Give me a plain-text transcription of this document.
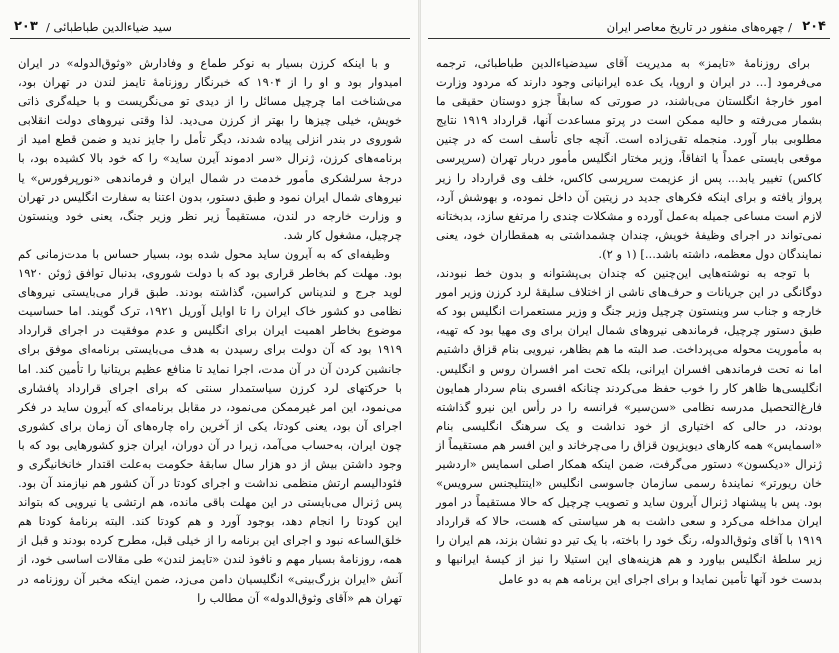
سید ضیاءالدین طباطبائی /
۲۰۳

و با اینکه کرزن بسیار به نوکر طماع و وفادارش «وثوق‌الدوله» در ایران امیدوار بود و او را از ۱۹۰۴ که خبرنگار روزنامهٔ تایمز لندن در تهران بود، می‌شناخت اما چرچیل مسائل را از دیدی تو می‌نگریست و با حیله‌گری ذاتی خویش، خیلی چیزها را بهتر از کرزن می‌دید. لذا وقتی نیروهای دولت انقلابی شوروی در بندر انزلی پیاده شدند، دیگر تأمل را جایز ندید و ضمن قطع امید از برنامه‌های کرزن، ژنرال «سر ادموند آیرن ساید» را که خود بالا کشیده بود، با درجهٔ سرلشکری مأمور خدمت در شمال ایران و فرماندهی «نورپرفورس» یا نیروهای شمال ایران نمود و طبق دستور، بدون اعتنا به سفارت انگلیس در تهران و وزارت خارجه در لندن، مستقیماً زیر نظر وزیر جنگ، یعنی خود وینستون چرچیل، مشغول کار شد.

وظیفه‌ای که به آیرون ساید محول شده بود، بسیار حساس با مدت‌زمانی کم بود. مهلت کم بخاطر قراری بود که با دولت شوروی، بدنبال توافق ژوئن ۱۹۲۰ لوید جرج و لندیناس کراسین، گذاشته بودند. طبق قرار می‌بایستی نیروهای نظامی دو کشور خاک ایران را تا اوایل آوریل ۱۹۲۱، ترک گویند. اما حساسیت موضوع بخاطر اهمیت ایران برای انگلیس و عدم موفقیت در اجرای قرارداد ۱۹۱۹ بود که آن دولت برای رسیدن به هدف می‌بایستی برنامه‌ای موفق برای جانشین کردن آن در آن مدت، اجرا نماید تا منافع عظیم بریتانیا را تأمین کند. اما با حرکتهای لرد کرزن سیاستمدار سنتی که برای اجرای قرارداد پافشاری می‌نمود، این امر غیرممکن می‌نمود، در مقابل برنامه‌ای که آیرون ساید در فکر اجرای آن بود، یعنی کودتا، یکی از آخرین راه چاره‌های آن زمان برای کشوری چون ایران، به‌حساب می‌آمد، زیرا در آن دوران، ایران جزو کشورهایی بود که با وجود داشتن بیش از دو هزار سال سابقهٔ حکومت به‌علت اقتدار خانخانیگری و فئودالیسم ارتش منظمی نداشت و اجرای کودتا در آن کشور هم نیازمند آن بود. پس ژنرال می‌بایستی در این مهلت باقی مانده، هم ارتشی یا نیرویی که بتواند این کودتا را انجام دهد، بوجود آورد و هم کودتا کند. البته برنامهٔ کودتا هم خلق‌الساعه نبود و اجرای این برنامه را از خیلی قبل، مطرح کرده بودند و قبل از همه، روزنامهٔ بسیار مهم و نافوذ لندن «تایمز لندن» طی مقالات اساسی خود، از آنش «ایران بزرگ‌بینی» انگلیسیان دامن می‌زد، ضمن اینکه مخبر آن روزنامه در تهران هم «آقای وثوق‌الدوله» آن مطالب را

۲۰۴
/ چهره‌های منفور در تاریخ معاصر ایران

برای روزنامهٔ «تایمز» به مدیریت آقای سیدضیاءالدین طباطبائی، ترجمه می‌فرمود [... در ایران و اروپا، یک عده ایرانیانی وجود دارند که مردود وزارت امور خارجهٔ انگلستان می‌باشند، در صورتی که سابقاً جزو دوستان حقیقی ما بشمار می‌رفته و حالیه ممکن است در پرتو مساعدت آنها، قرارداد ۱۹۱۹ نتایج مطلوبی ببار آورد. منجمله تقی‌زاده است. آنچه جای تأسف است که در چنین موقعی بایستی عمداً یا اتفاقاً، وزیر مختار انگلیس مأمور دربار تهران (سرپرسی کاکس) تغییر یابد... پس از عزیمت سرپرسی کاکس، خلف وی قرارداد را زیر پرواز یافته و برای اینکه فکرهای جدید در زیتین آن داخل نموده، و بهوشش آرد، لازم است مساعی جمیله به‌عمل آورده و مشکلات چندی را مرتفع سازد، بدبختانه نمی‌تواند در اجرای وظیفهٔ خویش، چندان چشمداشتی به همقطاران خود، یعنی نمایندگان دول معظمه، داشته باشد...] (۱ و ۲).

با توجه به نوشته‌هایی این‌چنین که چندان بی‌پشتوانه و بدون خط نبودند، دوگانگی در این جریانات و حرف‌های ناشی از اختلاف سلیقهٔ لرد کرزن وزیر امور خارجه و جناب سر وینستون چرچیل وزیر جنگ و وزیر مستعمرات انگلیس بود که طبق دستور چرچیل، فرماندهی نیروهای شمال ایران برای وی مهیا بود که تهیه، به مأموریت محوله می‌پرداخت. صد البته ما هم بظاهر، نیرویی بنام قزاق داشتیم اما نه تحت فرماندهی افسران ایرانی، بلکه تحت امر افسران روس و انگلیس. انگلیسی‌ها ظاهر کار را خوب حفظ می‌کردند چنانکه افسری بنام سردار همایون فارغ‌التحصیل مدرسه نظامی «سن‌سیر» فرانسه را در رأس این نیرو گذاشته بودند، در حالی که اختیاری از خود نداشت و یک سرهنگ انگلیسی بنام «اسمایس» همه کارهای دیویزیون قزاق را می‌چرخاند و این افسر هم مستقیماً از ژنرال «دیکسون» دستور می‌گرفت، ضمن اینکه همکار اصلی اسمایس «اردشیر خان ریورتر» نمایندهٔ رسمی سازمان جاسوسی انگلیس «اینتلیجنس سرویس» بود. پس با پیشنهاد ژنرال آیرون ساید و تصویب چرچیل که حالا مستقیماً در امور ایران مداخله می‌کرد و سعی داشت به هر سیاستی که هست، حالا که قرارداد ۱۹۱۹ با آقای وثوق‌الدوله، رنگ خود را باخته، با یک تیر دو نشان بزند، هم ایران را زیر سلطهٔ انگلیس بیاورد و هم هزینه‌های این استیلا را نیز از کیسهٔ ایرانیها و بدست خود آنها تأمین نمایدا و برای اجرای این برنامه هم به دو عامل
